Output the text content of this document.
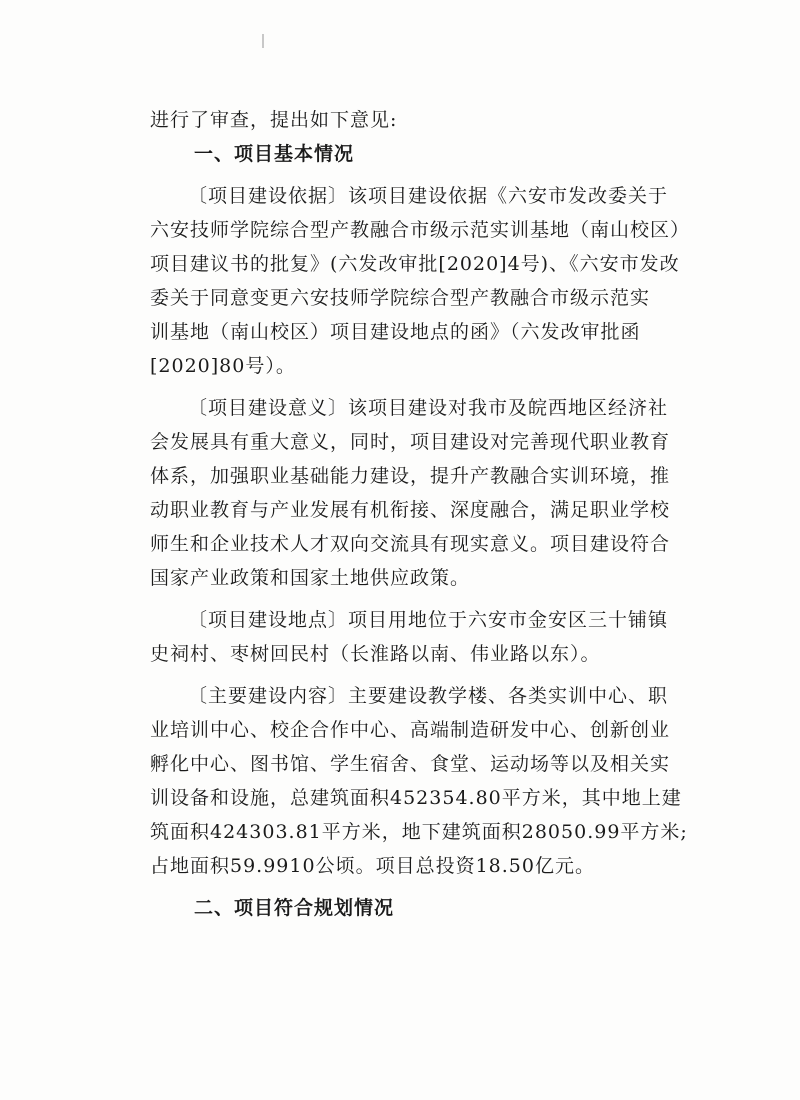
进行了审查，提出如下意见:
一、项目基本情况
〔项目建设依据〕该项目建设依据《六安市发改委关于
六安技师学院综合型产教融合市级示范实训基地（南山校区）
项目建议书的批复》(六发改审批[2020]4号)、《六安市发改
委关于同意变更六安技师学院综合型产教融合市级示范实
训基地（南山校区）项目建设地点的函》（六发改审批函
[2020]80号）。
〔项目建设意义〕该项目建设对我市及皖西地区经济社
会发展具有重大意义，同时，项目建设对完善现代职业教育
体系，加强职业基础能力建设，提升产教融合实训环境，推
动职业教育与产业发展有机衔接、深度融合，满足职业学校
师生和企业技术人才双向交流具有现实意义。项目建设符合
国家产业政策和国家土地供应政策。
〔项目建设地点〕项目用地位于六安市金安区三十铺镇
史祠村、枣树回民村（长淮路以南、伟业路以东）。
〔主要建设内容〕主要建设教学楼、各类实训中心、职
业培训中心、校企合作中心、高端制造研发中心、创新创业
孵化中心、图书馆、学生宿舍、食堂、运动场等以及相关实
训设备和设施，总建筑面积452354.80平方米，其中地上建
筑面积424303.81平方米，地下建筑面积28050.99平方米;
占地面积59.9910公顷。项目总投资18.50亿元。
二、项目符合规划情况
